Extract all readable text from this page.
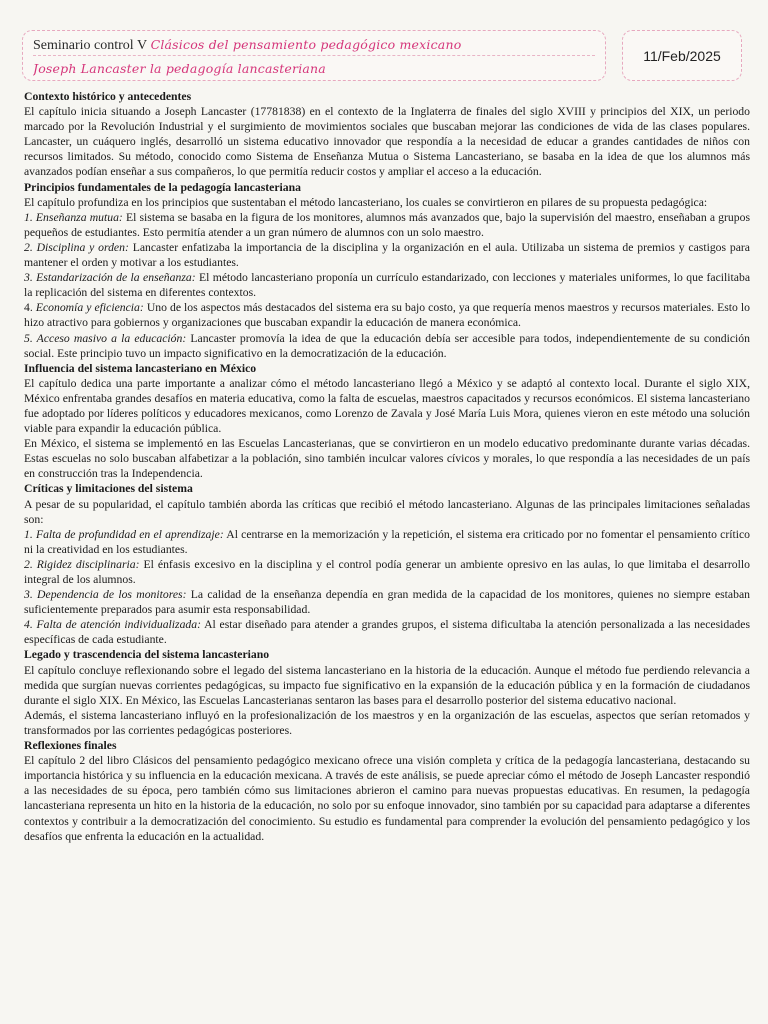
Seminario control V Clásicos del pensamiento pedagógico mexicano
Joseph Lancaster la pedagogía lancasteriana
11/Feb/2025

Contexto histórico y antecedentes

El capítulo inicia situando a Joseph Lancaster (17781838) en el contexto de la Inglaterra de finales del siglo XVIII y principios del XIX, un periodo marcado por la Revolución Industrial y el surgimiento de movimientos sociales que buscaban mejorar las condiciones de vida de las clases populares. Lancaster, un cuáquero inglés, desarrolló un sistema educativo innovador que respondía a la necesidad de educar a grandes cantidades de niños con recursos limitados. Su método, conocido como Sistema de Enseñanza Mutua o Sistema Lancasteriano, se basaba en la idea de que los alumnos más avanzados podían enseñar a sus compañeros, lo que permitía reducir costos y ampliar el acceso a la educación.

Principios fundamentales de la pedagogía lancasteriana

El capítulo profundiza en los principios que sustentaban el método lancasteriano, los cuales se convirtieron en pilares de su propuesta pedagógica:

1. Enseñanza mutua: El sistema se basaba en la figura de los monitores, alumnos más avanzados que, bajo la supervisión del maestro, enseñaban a grupos pequeños de estudiantes. Esto permitía atender a un gran número de alumnos con un solo maestro.

2. Disciplina y orden: Lancaster enfatizaba la importancia de la disciplina y la organización en el aula. Utilizaba un sistema de premios y castigos para mantener el orden y motivar a los estudiantes.

3. Estandarización de la enseñanza: El método lancasteriano proponía un currículo estandarizado, con lecciones y materiales uniformes, lo que facilitaba la replicación del sistema en diferentes contextos.

4. Economía y eficiencia: Uno de los aspectos más destacados del sistema era su bajo costo, ya que requería menos maestros y recursos materiales. Esto lo hizo atractivo para gobiernos y organizaciones que buscaban expandir la educación de manera económica.

5. Acceso masivo a la educación: Lancaster promovía la idea de que la educación debía ser accesible para todos, independientemente de su condición social. Este principio tuvo un impacto significativo en la democratización de la educación.

Influencia del sistema lancasteriano en México

El capítulo dedica una parte importante a analizar cómo el método lancasteriano llegó a México y se adaptó al contexto local. Durante el siglo XIX, México enfrentaba grandes desafíos en materia educativa, como la falta de escuelas, maestros capacitados y recursos económicos. El sistema lancasteriano fue adoptado por líderes políticos y educadores mexicanos, como Lorenzo de Zavala y José María Luis Mora, quienes vieron en este método una solución viable para expandir la educación pública.

En México, el sistema se implementó en las Escuelas Lancasterianas, que se convirtieron en un modelo educativo predominante durante varias décadas. Estas escuelas no solo buscaban alfabetizar a la población, sino también inculcar valores cívicos y morales, lo que respondía a las necesidades de un país en construcción tras la Independencia.

Críticas y limitaciones del sistema

A pesar de su popularidad, el capítulo también aborda las críticas que recibió el método lancasteriano. Algunas de las principales limitaciones señaladas son:

1. Falta de profundidad en el aprendizaje: Al centrarse en la memorización y la repetición, el sistema era criticado por no fomentar el pensamiento crítico ni la creatividad en los estudiantes.

2. Rigidez disciplinaria: El énfasis excesivo en la disciplina y el control podía generar un ambiente opresivo en las aulas, lo que limitaba el desarrollo integral de los alumnos.

3. Dependencia de los monitores: La calidad de la enseñanza dependía en gran medida de la capacidad de los monitores, quienes no siempre estaban suficientemente preparados para asumir esta responsabilidad.

4. Falta de atención individualizada: Al estar diseñado para atender a grandes grupos, el sistema dificultaba la atención personalizada a las necesidades específicas de cada estudiante.

Legado y trascendencia del sistema lancasteriano

El capítulo concluye reflexionando sobre el legado del sistema lancasteriano en la historia de la educación. Aunque el método fue perdiendo relevancia a medida que surgían nuevas corrientes pedagógicas, su impacto fue significativo en la expansión de la educación pública y en la formación de ciudadanos durante el siglo XIX. En México, las Escuelas Lancasterianas sentaron las bases para el desarrollo posterior del sistema educativo nacional.

Además, el sistema lancasteriano influyó en la profesionalización de los maestros y en la organización de las escuelas, aspectos que serían retomados y transformados por las corrientes pedagógicas posteriores.

Reflexiones finales

El capítulo 2 del libro Clásicos del pensamiento pedagógico mexicano ofrece una visión completa y crítica de la pedagogía lancasteriana, destacando su importancia histórica y su influencia en la educación mexicana. A través de este análisis, se puede apreciar cómo el método de Joseph Lancaster respondió a las necesidades de su época, pero también cómo sus limitaciones abrieron el camino para nuevas propuestas educativas. En resumen, la pedagogía lancasteriana representa un hito en la historia de la educación, no solo por su enfoque innovador, sino también por su capacidad para adaptarse a diferentes contextos y contribuir a la democratización del conocimiento. Su estudio es fundamental para comprender la evolución del pensamiento pedagógico y los desafíos que enfrenta la educación en la actualidad.
